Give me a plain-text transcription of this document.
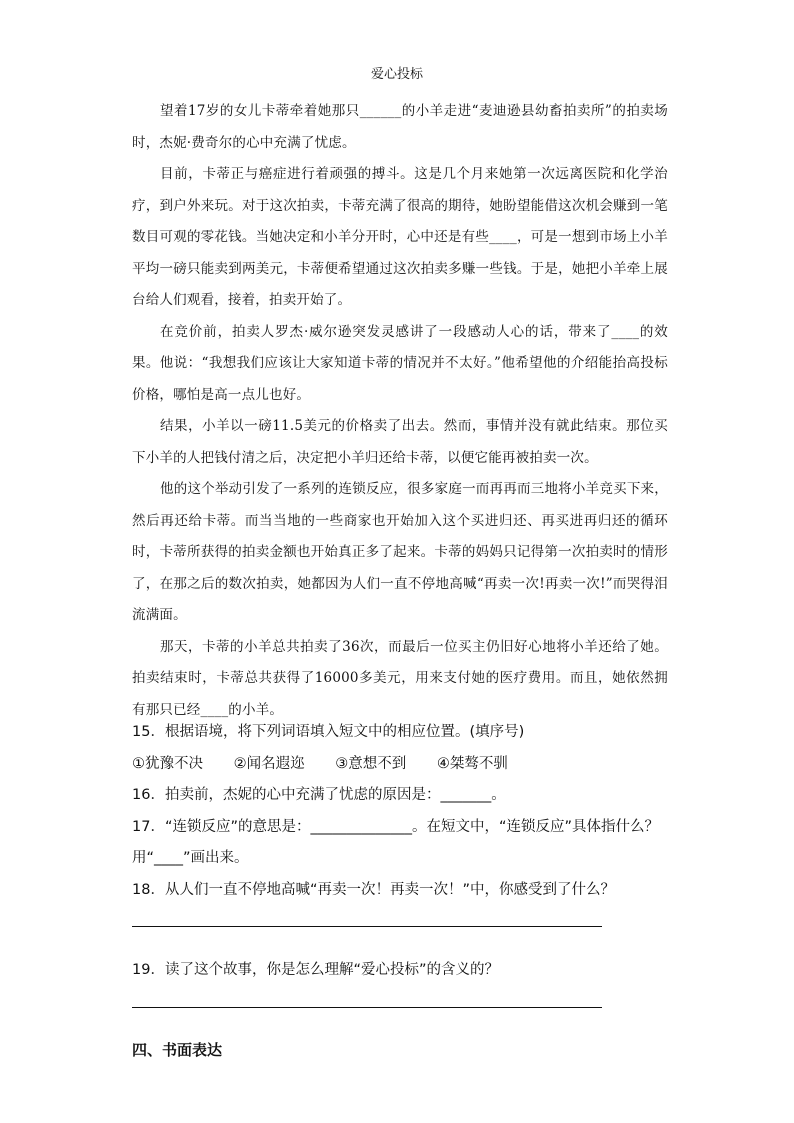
爱心投标

望着17岁的女儿卡蒂牵着她那只______的小羊走进“麦迪逊县幼畜拍卖所”的拍卖场时，杰妮·费奇尔的心中充满了忧虑。

目前，卡蒂正与癌症进行着顽强的搏斗。这是几个月来她第一次远离医院和化学治疗，到户外来玩。对于这次拍卖，卡蒂充满了很高的期待，她盼望能借这次机会赚到一笔数目可观的零花钱。当她决定和小羊分开时，心中还是有些____，可是一想到市场上小羊平均一磅只能卖到两美元，卡蒂便希望通过这次拍卖多赚一些钱。于是，她把小羊牵上展台给人们观看，接着，拍卖开始了。

在竞价前，拍卖人罗杰·威尔逊突发灵感讲了一段感动人心的话，带来了____的效果。他说：“我想我们应该让大家知道卡蒂的情况并不太好。”他希望他的介绍能抬高投标价格，哪怕是高一点儿也好。

结果，小羊以一磅11.5美元的价格卖了出去。然而，事情并没有就此结束。那位买下小羊的人把钱付清之后，决定把小羊归还给卡蒂，以便它能再被拍卖一次。

他的这个举动引发了一系列的连锁反应，很多家庭一而再再而三地将小羊竞买下来，然后再还给卡蒂。而当当地的一些商家也开始加入这个买进归还、再买进再归还的循环时，卡蒂所获得的拍卖金额也开始真正多了起来。卡蒂的妈妈只记得第一次拍卖时的情形了，在那之后的数次拍卖，她都因为人们一直不停地高喊“再卖一次!再卖一次!”而哭得泪流满面。

那天，卡蒂的小羊总共拍卖了36次，而最后一位买主仍旧好心地将小羊还给了她。拍卖结束时，卡蒂总共获得了16000多美元，用来支付她的医疗费用。而且，她依然拥有那只已经____的小羊。

15．根据语境，将下列词语填入短文中的相应位置。(填序号)

①犹豫不决 ②闻名遐迩 ③意想不到 ④桀骜不驯

16．拍卖前，杰妮的心中充满了忧虑的原因是：_______。

17．“连锁反应”的意思是：______________。在短文中，“连锁反应”具体指什么？用“____”画出来。

18．从人们一直不停地高喊“再卖一次！再卖一次！”中，你感受到了什么？

19．读了这个故事，你是怎么理解“爱心投标”的含义的？

四、书面表达
